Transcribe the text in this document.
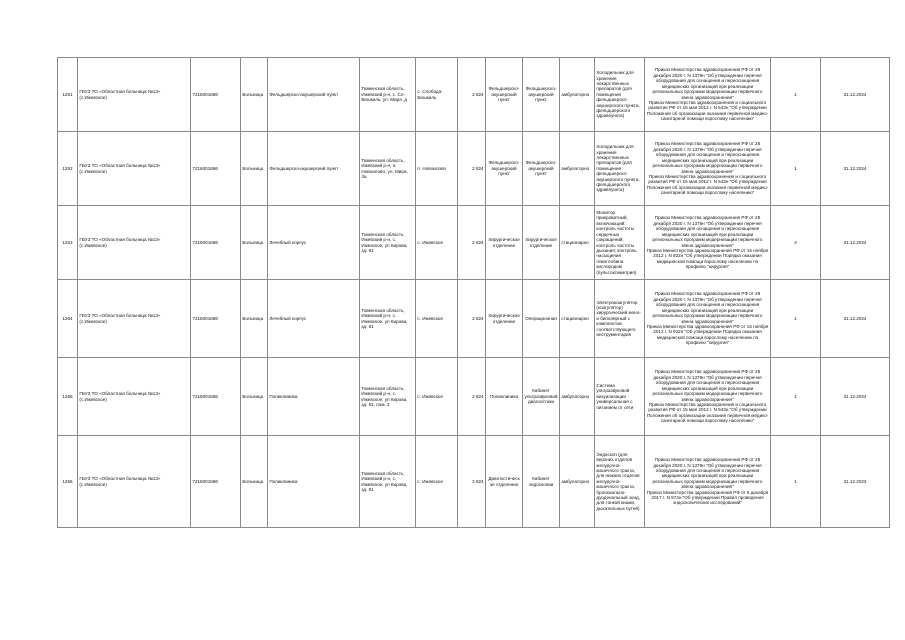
1261	ГБУЗ ТО «Областная больница №13» (с.Ижевское)	7216001686	Больница	Фельдшерско-акушерский пункт	Тюменская область, Ижевский р-н, с. Сл-Бешкиль, ул. Мира ,д	с. Слобода-Бешкиль	2 824	Фельдшерско-акушерский пункт	Фельдшерско-акушерский пункт	амбулаторно	Холодильник для хранения лекарственных препаратов (для помещения фельдшерско-акушерского пункта, фельдшерского здравпункта)	Приказ Министерства здравоохранения РФ от 28 декабря 2020 г. N 1379н "Об утверждении перечня оборудования для оснащения и переоснащения медицинских организаций при реализации региональных программ модернизации первичного звена здравоохранения"
Приказ Министерства здравоохранения и социального развития РФ от 15 мая 2012 г. N 543н "Об утверждении Положения об организации оказания первичной медико-санитарной помощи взрослому населению"	1	31.12.2024
1262	ГБУЗ ТО «Областная больница №13» (с.Ижевское)	7216001686	Больница	Фельдшерско-акушерский пункт	Тюменская область, Ижевский р-н, п. Новоилово, ул. Мира, 3а	п. Новоилово	2 824	Фельдшерско-акушерский пункт	Фельдшерско-акушерский пункт	амбулаторно	Холодильник для хранения лекарственных препаратов (для помещения фельдшерско-акушерского пункта, фельдшерского здравпункта)	Приказ Министерства здравоохранения РФ от 28 декабря 2020 г. N 1379н "Об утверждении перечня оборудования для оснащения и переоснащения медицинских организаций при реализации региональных программ модернизации первичного звена здравоохранения"
Приказ Министерства здравоохранения и социального развития РФ от 15 мая 2012 г. N 543н "Об утверждении Положения об организации оказания первичной медико-санитарной помощи взрослому населению"	1	31.12.2024
1263	ГБУЗ ТО «Областная больница №13» (с.Ижевское)	7216001686	Больница	Лечебный корпус	Тюменская область, Ижевский р-н, с. Ижевское, ул Кирова, зд. 91	с. Ижевское	2 824	Хирургическое отделение	Хирургическое отделение	стационарно	Монитор прикроватный, включающий: контроль частоты сердечных сокращений; контроль частоты дыхания; контроль насыщения гемоглобина кислородом (пульсоксиметрия)	Приказ Министерства здравоохранения РФ от 28 декабря 2020 г. N 1379н "Об утверждении перечня оборудования для оснащения и переоснащения медицинских организаций при реализации региональных программ модернизации первичного звена здравоохранения"
Приказ Министерства здравоохранения РФ от 15 ноября 2012 г. N 922н "Об утверждении Порядка оказания медицинской помощи взрослому населению по профилю "хирургия"	4	31.12.2024
1264	ГБУЗ ТО «Областная больница №13» (с.Ижевское)	7216001686	Больница	Лечебный корпус	Тюменская область, Ижевский р-н, с. Ижевское, ул Кирова, зд. 91	с. Ижевское	2 824	Хирургическое отделение	Операционная	стационарно	Электрокоагулятор (коагулятор) хирургический моно- и биполярный с комплектом соответствующего инструментария	Приказ Министерства здравоохранения РФ от 28 декабря 2020 г. N 1379н "Об утверждении перечня оборудования для оснащения и переоснащения медицинских организаций при реализации региональных программ модернизации первичного звена здравоохранения"
Приказ Министерства здравоохранения РФ от 15 ноября 2012 г. N 922н "Об утверждении Порядка оказания медицинской помощи взрослому населению по профилю "хирургия"	1	31.12.2024
1265	ГБУЗ ТО «Областная больница №13» (с.Ижевское)	7216001686	Больница	Поликлиника	Тюменская область, Ижевский р-н, с. Ижевское, ул Кирова, зд. 91, пом. 2	с. Ижевское	2 824	Поликлиника	Кабинет ультразвуковой диагностики	амбулаторно	Система ультразвуковой визуализации универсальная с питанием от сети	Приказ Министерства здравоохранения РФ от 28 декабря 2020 г. N 1379н "Об утверждении перечня оборудования для оснащения и переоснащения медицинских организаций при реализации региональных программ модернизации первичного звена здравоохранения"
Приказ Министерства здравоохранения и социального развития РФ от 15 мая 2012 г. N 543н "Об утверждении Положения об организации оказания первичной медико-санитарной помощи взрослому населению"	1	31.12.2024
1266	ГБУЗ ТО «Областная больница №13» (с.Ижевское)	7216001686	Больница	Поликлиника	Тюменская область, Ижевский р-н, с. Ижевское, ул Кирова, зд. 91	с. Ижевское	2 824	Диагностическое отделение	Кабинет эндоскопии	амбулаторно	Эндоскоп (для верхних отделов желудочно-кишечного тракта, для нижних отделов желудочно-кишечного тракта, бронхиально-дуоденальный зонд, для тонкой кишки, дыхательных путей)	Приказ Министерства здравоохранения РФ от 28 декабря 2020 г. N 1379н "Об утверждении перечня оборудования для оснащения и переоснащения медицинских организаций при реализации региональных программ модернизации первичного звена здравоохранения"
Приказ Министерства здравоохранения РФ от 6 декабря 2017 г. N 974н "Об утверждении Правил проведения эндоскопических исследований"	1	31.12.2023
